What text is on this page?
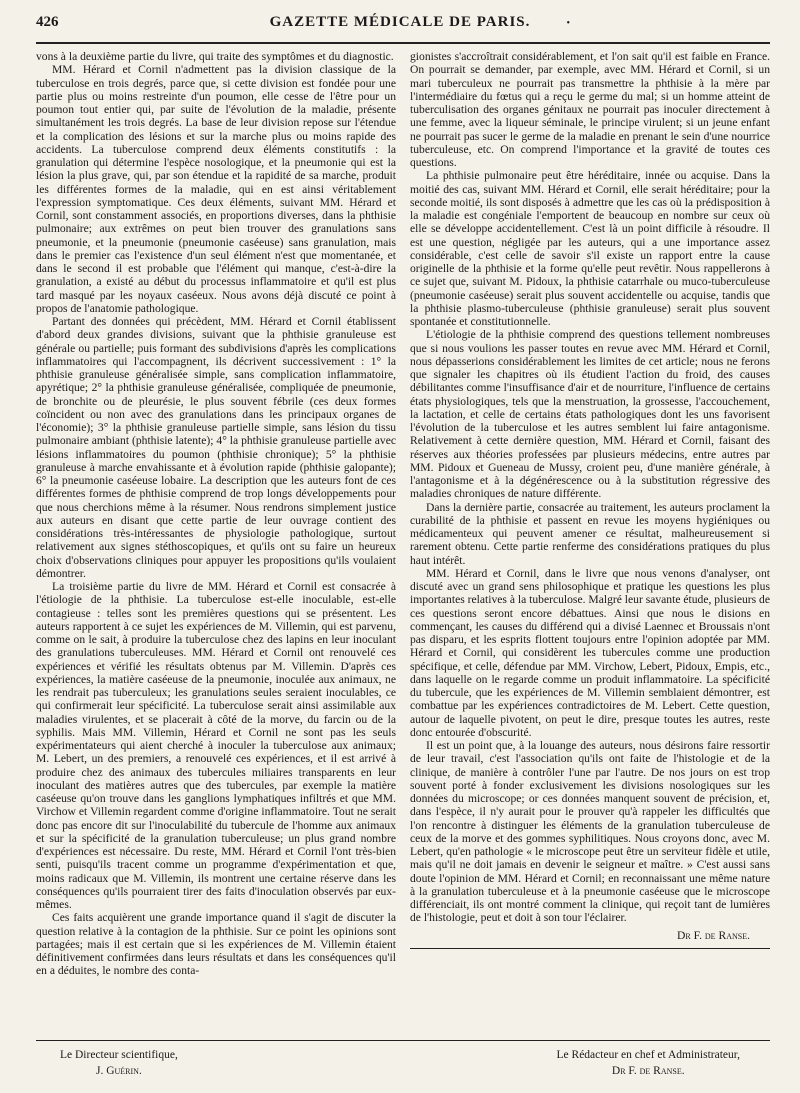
426	•
GAZETTE MÉDICALE DE PARIS.

vons à la deuxième partie du livre, qui traite des symptômes et du diagnostic.

MM. Hérard et Cornil n'admettent pas la division classique de la tuberculose en trois degrés, parce que, si cette division est fondée pour une partie plus ou moins restreinte d'un poumon, elle cesse de l'être pour un poumon tout entier qui, par suite de l'évolution de la maladie, présente simultanément les trois degrés. La base de leur division repose sur l'étendue et la complication des lésions et sur la marche plus ou moins rapide des accidents. La tuberculose comprend deux éléments constitutifs : la granulation qui détermine l'espèce nosologique, et la pneumonie qui est la lésion la plus grave, qui, par son étendue et la rapidité de sa marche, produit les différentes formes de la maladie, qui en est ainsi véritablement l'expression symptomatique. Ces deux éléments, suivant MM. Hérard et Cornil, sont constamment associés, en proportions diverses, dans la phthisie pulmonaire; aux extrêmes on peut bien trouver des granulations sans pneumonie, et la pneumonie (pneumonie caséeuse) sans granulation, mais dans le premier cas l'existence d'un seul élément n'est que momentanée, et dans le second il est probable que l'élément qui manque, c'est-à-dire la granulation, a existé au début du processus inflammatoire et qu'il est plus tard masqué par les noyaux caséeux. Nous avons déjà discuté ce point à propos de l'anatomie pathologique.

Partant des données qui précèdent, MM. Hérard et Cornil établissent d'abord deux grandes divisions, suivant que la phthisie granuleuse est générale ou partielle; puis formant des subdivisions d'après les complications inflammatoires qui l'accompagnent, ils décrivent successivement : 1° la phthisie granuleuse généralisée simple, sans complication inflammatoire, apyrétique; 2° la phthisie granuleuse généralisée, compliquée de pneumonie, de bronchite ou de pleurésie, le plus souvent fébrile (ces deux formes coïncident ou non avec des granulations dans les principaux organes de l'économie); 3° la phthisie granuleuse partielle simple, sans lésion du tissu pulmonaire ambiant (phthisie latente); 4° la phthisie granuleuse partielle avec lésions inflammatoires du poumon (phthisie chronique); 5° la phthisie granuleuse à marche envahissante et à évolution rapide (phthisie galopante); 6° la pneumonie caséeuse lobaire. La description que les auteurs font de ces différentes formes de phthisie comprend de trop longs développements pour que nous cherchions même à la résumer. Nous rendrons simplement justice aux auteurs en disant que cette partie de leur ouvrage contient des considérations très-intéressantes de physiologie pathologique, surtout relativement aux signes stéthoscopiques, et qu'ils ont su faire un heureux choix d'observations cliniques pour appuyer les propositions qu'ils voulaient démontrer.

La troisième partie du livre de MM. Hérard et Cornil est consacrée à l'étiologie de la phthisie. La tuberculose est-elle inoculable, est-elle contagieuse : telles sont les premières questions qui se présentent. Les auteurs rapportent à ce sujet les expériences de M. Villemin, qui est parvenu, comme on le sait, à produire la tuberculose chez des lapins en leur inoculant des granulations tuberculeuses. MM. Hérard et Cornil ont renouvelé ces expériences et vérifié les résultats obtenus par M. Villemin. D'après ces expériences, la matière caséeuse de la pneumonie, inoculée aux animaux, ne les rendrait pas tuberculeux; les granulations seules seraient inoculables, ce qui confirmerait leur spécificité. La tuberculose serait ainsi assimilable aux maladies virulentes, et se placerait à côté de la morve, du farcin ou de la syphilis. Mais MM. Villemin, Hérard et Cornil ne sont pas les seuls expérimentateurs qui aient cherché à inoculer la tuberculose aux animaux; M. Lebert, un des premiers, a renouvelé ces expériences, et il est arrivé à produire chez des animaux des tubercules miliaires transparents en leur inoculant des matières autres que des tubercules, par exemple la matière caséeuse qu'on trouve dans les ganglions lymphatiques infiltrés et que MM. Virchow et Villemin regardent comme d'origine inflammatoire. Tout ne serait donc pas encore dit sur l'inoculabilité du tubercule de l'homme aux animaux et sur la spécificité de la granulation tuberculeuse; un plus grand nombre d'expériences est nécessaire. Du reste, MM. Hérard et Cornil l'ont très-bien senti, puisqu'ils tracent comme un programme d'expérimentation et que, moins radicaux que M. Villemin, ils montrent une certaine réserve dans les conséquences qu'ils pourraient tirer des faits d'inoculation observés par eux-mêmes.

Ces faits acquièrent une grande importance quand il s'agit de discuter la question relative à la contagion de la phthisie. Sur ce point les opinions sont partagées; mais il est certain que si les expériences de M. Villemin étaient définitivement confirmées dans leurs résultats et dans les conséquences qu'il en a déduites, le nombre des conta-

gionistes s'accroîtrait considérablement, et l'on sait qu'il est faible en France. On pourrait se demander, par exemple, avec MM. Hérard et Cornil, si un mari tuberculeux ne pourrait pas transmettre la phthisie à la mère par l'intermédiaire du fœtus qui a reçu le germe du mal; si un homme atteint de tuberculisation des organes génitaux ne pourrait pas inoculer directement à une femme, avec la liqueur séminale, le principe virulent; si un jeune enfant ne pourrait pas sucer le germe de la maladie en prenant le sein d'une nourrice tuberculeuse, etc. On comprend l'importance et la gravité de toutes ces questions.

La phthisie pulmonaire peut être héréditaire, innée ou acquise. Dans la moitié des cas, suivant MM. Hérard et Cornil, elle serait héréditaire; pour la seconde moitié, ils sont disposés à admettre que les cas où la prédisposition à la maladie est congéniale l'emportent de beaucoup en nombre sur ceux où elle se développe accidentellement. C'est là un point difficile à résoudre. Il est une question, négligée par les auteurs, qui a une importance assez considérable, c'est celle de savoir s'il existe un rapport entre la cause originelle de la phthisie et la forme qu'elle peut revêtir. Nous rappellerons à ce sujet que, suivant M. Pidoux, la phthisie catarrhale ou muco-tuberculeuse (pneumonie caséeuse) serait plus souvent accidentelle ou acquise, tandis que la phthisie plasmo-tuberculeuse (phthisie granuleuse) serait plus souvent spontanée et constitutionnelle.

L'étiologie de la phthisie comprend des questions tellement nombreuses que si nous voulions les passer toutes en revue avec MM. Hérard et Cornil, nous dépasserions considérablement les limites de cet article; nous ne ferons que signaler les chapitres où ils étudient l'action du froid, des causes débilitantes comme l'insuffisance d'air et de nourriture, l'influence de certains états physiologiques, tels que la menstruation, la grossesse, l'accouchement, la lactation, et celle de certains états pathologiques dont les uns favorisent l'évolution de la tuberculose et les autres semblent lui faire antagonisme. Relativement à cette dernière question, MM. Hérard et Cornil, faisant des réserves aux théories professées par plusieurs médecins, entre autres par MM. Pidoux et Gueneau de Mussy, croient peu, d'une manière générale, à l'antagonisme et à la dégénérescence ou à la substitution régressive des maladies chroniques de nature différente.

Dans la dernière partie, consacrée au traitement, les auteurs proclament la curabilité de la phthisie et passent en revue les moyens hygiéniques ou médicamenteux qui peuvent amener ce résultat, malheureusement si rarement obtenu. Cette partie renferme des considérations pratiques du plus haut intérêt.

MM. Hérard et Cornil, dans le livre que nous venons d'analyser, ont discuté avec un grand sens philosophique et pratique les questions les plus importantes relatives à la tuberculose. Malgré leur savante étude, plusieurs de ces questions seront encore débattues. Ainsi que nous le disions en commençant, les causes du différend qui a divisé Laennec et Broussais n'ont pas disparu, et les esprits flottent toujours entre l'opinion adoptée par MM. Hérard et Cornil, qui considèrent les tubercules comme une production spécifique, et celle, défendue par MM. Virchow, Lebert, Pidoux, Empis, etc., dans laquelle on le regarde comme un produit inflammatoire. La spécificité du tubercule, que les expériences de M. Villemin semblaient démontrer, est combattue par les expériences contradictoires de M. Lebert. Cette question, autour de laquelle pivotent, on peut le dire, presque toutes les autres, reste donc entourée d'obscurité.

Il est un point que, à la louange des auteurs, nous désirons faire ressortir de leur travail, c'est l'association qu'ils ont faite de l'histologie et de la clinique, de manière à contrôler l'une par l'autre. De nos jours on est trop souvent porté à fonder exclusivement les divisions nosologiques sur les données du microscope; or ces données manquent souvent de précision, et, dans l'espèce, il n'y aurait pour le prouver qu'à rappeler les difficultés que l'on rencontre à distinguer les éléments de la granulation tuberculeuse de ceux de la morve et des gommes syphilitiques. Nous croyons donc, avec M. Lebert, qu'en pathologie « le microscope peut être un serviteur fidèle et utile, mais qu'il ne doit jamais en devenir le seigneur et maître. » C'est aussi sans doute l'opinion de MM. Hérard et Cornil; en reconnaissant une même nature à la granulation tuberculeuse et à la pneumonie caséeuse que le microscope différenciait, ils ont montré comment la clinique, qui reçoit tant de lumières de l'histologie, peut et doit à son tour l'éclairer.

Dr F. de Ranse.
Le Directeur scientifique,
J. Guérin.
Le Rédacteur en chef et Administrateur,
Dr F. de Ranse.
